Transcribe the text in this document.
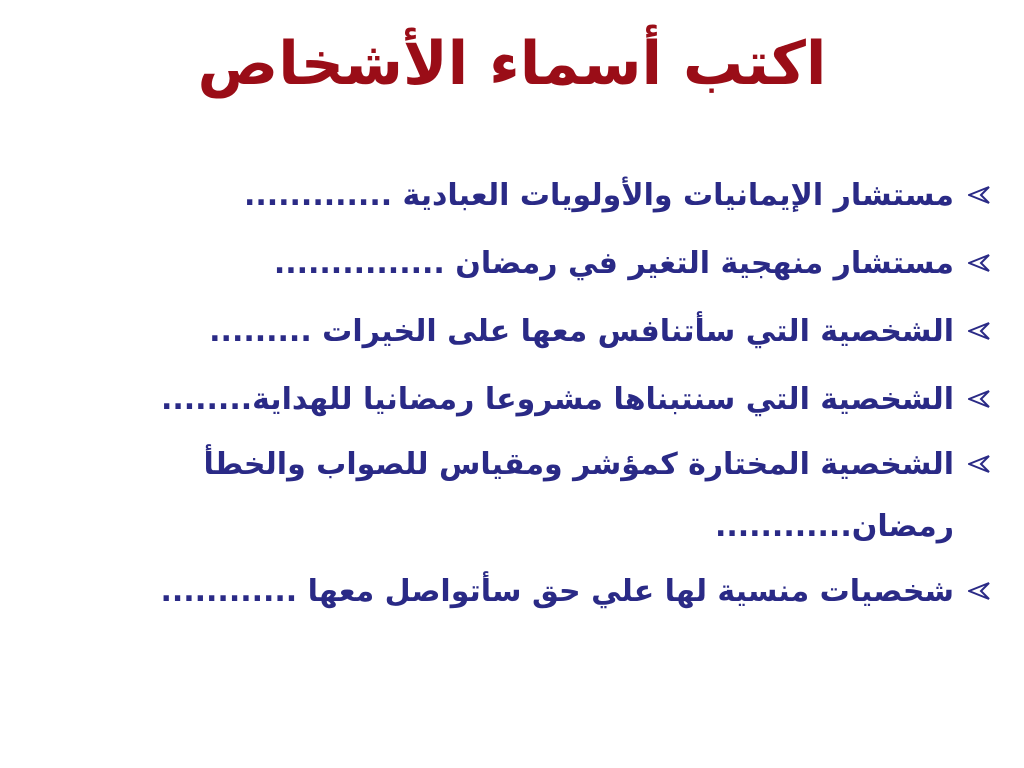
اكتب أسماء الأشخاص
مستشار الإيمانيات والأولويات العبادية .............
مستشار منهجية التغير في رمضان ...............
الشخصية التي سأتنافس معها على الخيرات .........
الشخصية التي سنتبناها مشروعا رمضانيا للهداية........
الشخصية المختارة كمؤشر ومقياس للصواب والخطأ رمضان............
شخصيات منسية لها علي حق سأتواصل معها ............
